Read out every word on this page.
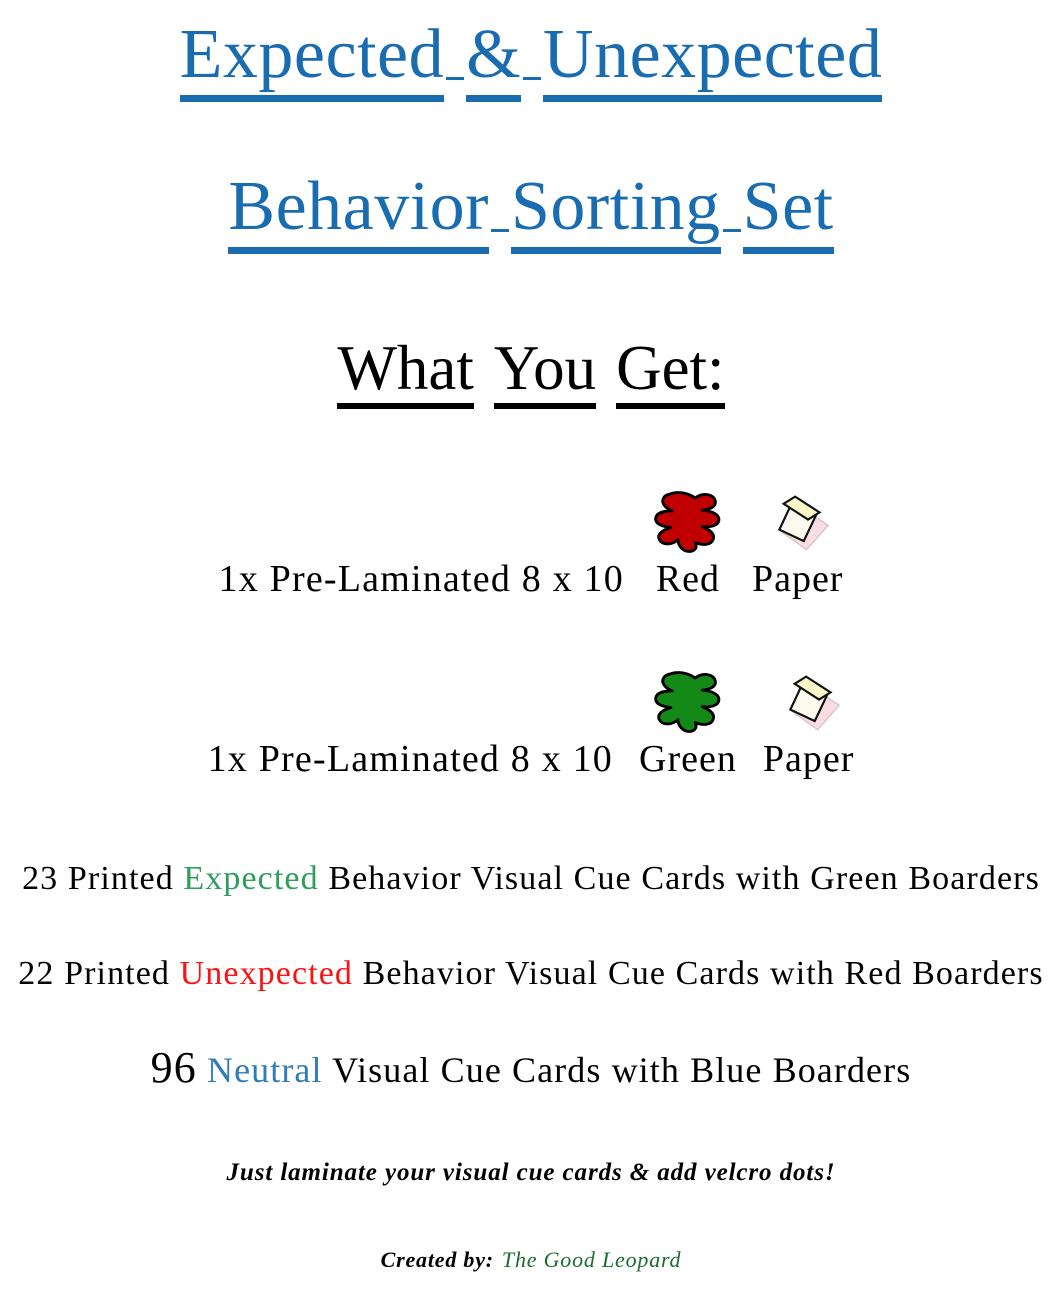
Expected & Unexpected
Behavior Sorting Set
What You Get:
1x Pre-Laminated 8 x 10 Red Paper
1x Pre-Laminated 8 x 10 Green Paper
23 Printed Expected Behavior Visual Cue Cards with Green Boarders
22 Printed Unexpected Behavior Visual Cue Cards with Red Boarders
96 Neutral Visual Cue Cards with Blue Boarders
Just laminate your visual cue cards & add velcro dots!
Created by: The Good Leopard
